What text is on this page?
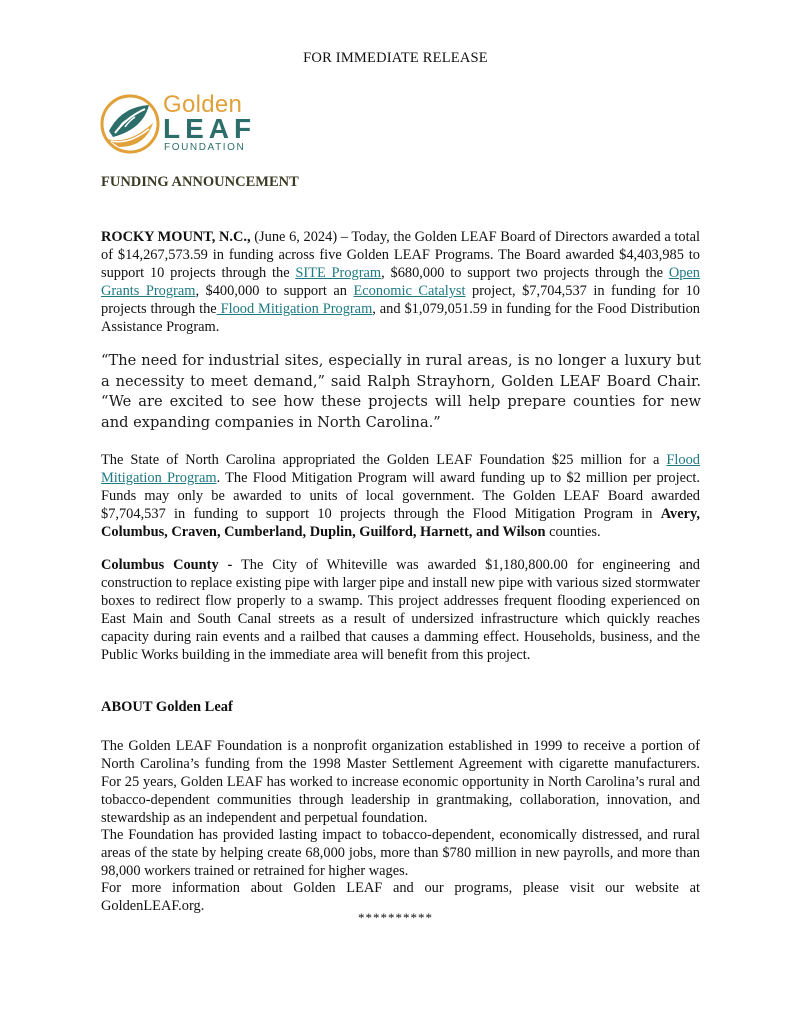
FOR IMMEDIATE RELEASE
Golden
LEAF
FOUNDATION
FUNDING ANNOUNCEMENT

ROCKY MOUNT, N.C., (June 6, 2024) – Today, the Golden LEAF Board of Directors awarded a total of $14,267,573.59 in funding across five Golden LEAF Programs. The Board awarded $4,403,985 to support 10 projects through the SITE Program, $680,000 to support two projects through the Open Grants Program, $400,000 to support an Economic Catalyst project, $7,704,537 in funding for 10 projects through the Flood Mitigation Program, and $1,079,051.59 in funding for the Food Distribution Assistance Program.

“The need for industrial sites, especially in rural areas, is no longer a luxury but a necessity to meet demand,” said Ralph Strayhorn, Golden LEAF Board Chair. “We are excited to see how these projects will help prepare counties for new and expanding companies in North Carolina.”

The State of North Carolina appropriated the Golden LEAF Foundation $25 million for a Flood Mitigation Program. The Flood Mitigation Program will award funding up to $2 million per project. Funds may only be awarded to units of local government. The Golden LEAF Board awarded $7,704,537 in funding to support 10 projects through the Flood Mitigation Program in Avery, Columbus, Craven, Cumberland, Duplin, Guilford, Harnett, and Wilson counties.

Columbus County - The City of Whiteville was awarded $1,180,800.00 for engineering and construction to replace existing pipe with larger pipe and install new pipe with various sized stormwater boxes to redirect flow properly to a swamp. This project addresses frequent flooding experienced on East Main and South Canal streets as a result of undersized infrastructure which quickly reaches capacity during rain events and a railbed that causes a damming effect. Households, business, and the Public Works building in the immediate area will benefit from this project.

ABOUT Golden Leaf

The Golden LEAF Foundation is a nonprofit organization established in 1999 to receive a portion of North Carolina’s funding from the 1998 Master Settlement Agreement with cigarette manufacturers. For 25 years, Golden LEAF has worked to increase economic opportunity in North Carolina’s rural and tobacco-dependent communities through leadership in grantmaking, collaboration, innovation, and stewardship as an independent and perpetual foundation.

The Foundation has provided lasting impact to tobacco-dependent, economically distressed, and rural areas of the state by helping create 68,000 jobs, more than $780 million in new payrolls, and more than 98,000 workers trained or retrained for higher wages.

For more information about Golden LEAF and our programs, please visit our website at GoldenLEAF.org.

**********
